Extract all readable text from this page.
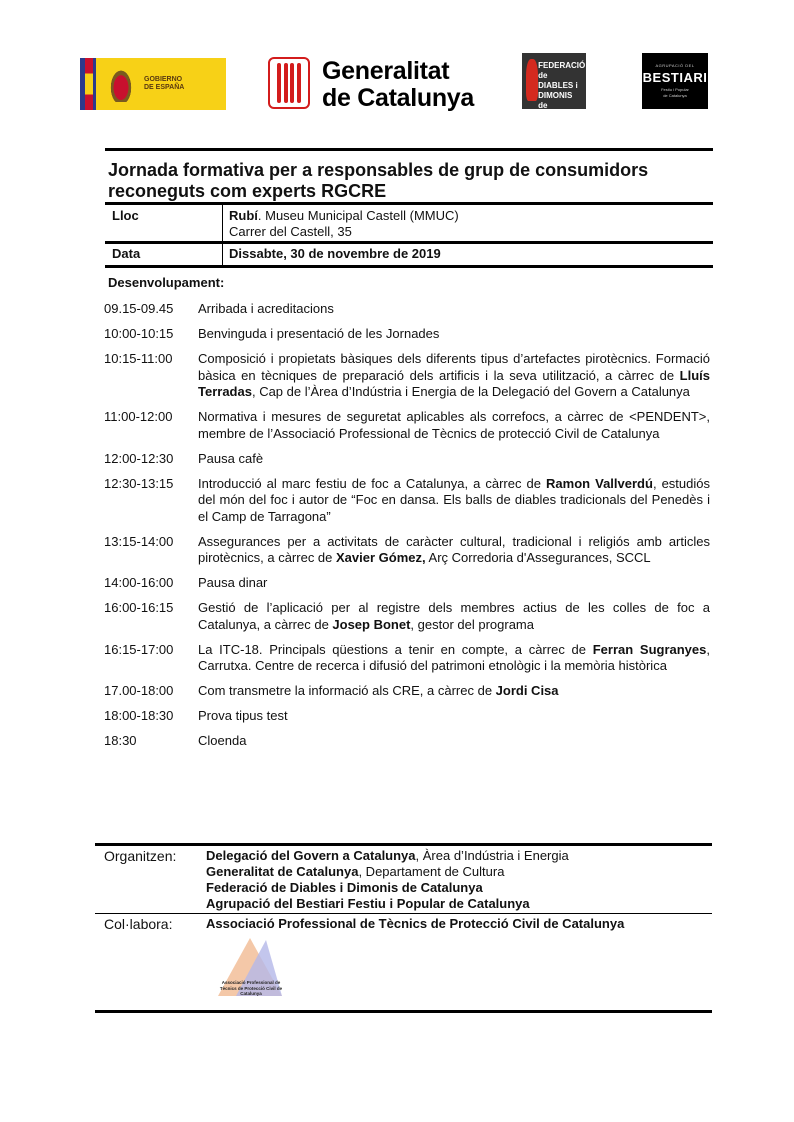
GOBIERNO
DE ESPAÑA
Generalitat
de Catalunya
FEDERACIÓ de
DIABLES i
DIMONIS
de CATALUNYA
AGRUPACIÓ DEL
BESTIARI
Festiu i Popular
de Catalunya
Jornada formativa per a responsables de grup de consumidors reconeguts com experts RGCRE
Lloc	Rubí. Museu Municipal Castell (MMUC)
Carrer del Castell, 35
Data	Dissabte, 30 de novembre de 2019
Desenvolupament:
09.15-09.45	Arribada i acreditacions
10:00-10:15	Benvinguda i presentació de les Jornades
10:15-11:00	Composició i propietats bàsiques dels diferents tipus d’artefactes pirotècnics. Formació bàsica en tècniques de preparació dels artificis i la seva utilització, a càrrec de Lluís Terradas, Cap de l’Àrea d’Indústria i Energia de la Delegació del Govern a Catalunya
11:00-12:00	Normativa i mesures de seguretat aplicables als correfocs, a càrrec de <PENDENT>, membre de l’Associació Professional de Tècnics de protecció Civil de Catalunya
12:00-12:30	Pausa cafè
12:30-13:15	Introducció al marc festiu de foc a Catalunya, a càrrec de Ramon Vallverdú, estudiós del món del foc i autor de “Foc en dansa. Els balls de diables tradicionals del Penedès i el Camp de Tarragona”
13:15-14:00	Assegurances per a activitats de caràcter cultural, tradicional i religiós amb articles pirotècnics, a càrrec de Xavier Gómez, Arç Corredoria d'Assegurances, SCCL
14:00-16:00	Pausa dinar
16:00-16:15	Gestió de l’aplicació per al registre dels membres actius de les colles de foc a Catalunya, a càrrec de Josep Bonet, gestor del programa
16:15-17:00	La ITC-18. Principals qüestions a tenir en compte, a càrrec de Ferran Sugranyes, Carrutxa. Centre de recerca i difusió del patrimoni etnològic i la memòria històrica
17.00-18:00	Com transmetre la informació als CRE, a càrrec de Jordi Cisa
18:00-18:30	Prova tipus test
18:30	Cloenda
Organitzen:	Delegació del Govern a Catalunya, Àrea d’Indústria i Energia
Generalitat de Catalunya, Departament de Cultura
Federació de Diables i Dimonis de Catalunya
Agrupació del Bestiari Festiu i Popular de Catalunya
Col·labora:	Associació Professional de Tècnics de Protecció Civil de Catalunya
Associació Professional de Tècnics de Protecció Civil de Catalunya
